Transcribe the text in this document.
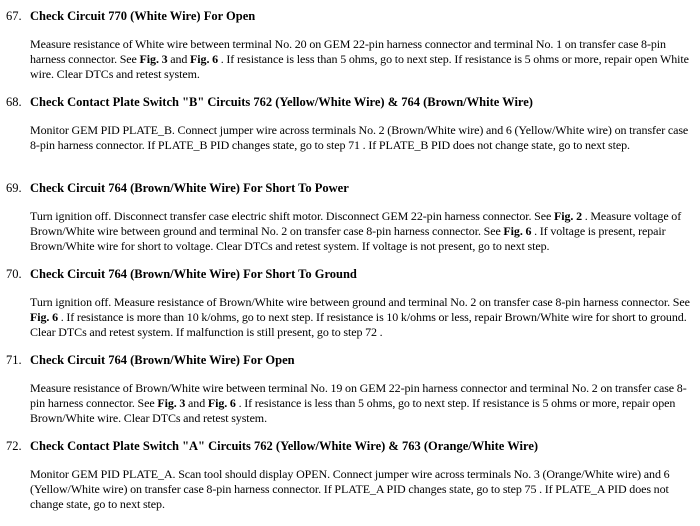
67. Check Circuit 770 (White Wire) For Open
Measure resistance of White wire between terminal No. 20 on GEM 22-pin harness connector and terminal No. 1 on transfer case 8-pin harness connector. See Fig. 3 and Fig. 6 . If resistance is less than 5 ohms, go to next step. If resistance is 5 ohms or more, repair open White wire. Clear DTCs and retest system.
68. Check Contact Plate Switch "B" Circuits 762 (Yellow/White Wire) & 764 (Brown/White Wire)
Monitor GEM PID PLATE_B. Connect jumper wire across terminals No. 2 (Brown/White wire) and 6 (Yellow/White wire) on transfer case 8-pin harness connector. If PLATE_B PID changes state, go to step 71 . If PLATE_B PID does not change state, go to next step.
69. Check Circuit 764 (Brown/White Wire) For Short To Power
Turn ignition off. Disconnect transfer case electric shift motor. Disconnect GEM 22-pin harness connector. See Fig. 2 . Measure voltage of Brown/White wire between ground and terminal No. 2 on transfer case 8-pin harness connector. See Fig. 6 . If voltage is present, repair Brown/White wire for short to voltage. Clear DTCs and retest system. If voltage is not present, go to next step.
70. Check Circuit 764 (Brown/White Wire) For Short To Ground
Turn ignition off. Measure resistance of Brown/White wire between ground and terminal No. 2 on transfer case 8-pin harness connector. See Fig. 6 . If resistance is more than 10 k/ohms, go to next step. If resistance is 10 k/ohms or less, repair Brown/White wire for short to ground. Clear DTCs and retest system. If malfunction is still present, go to step 72 .
71. Check Circuit 764 (Brown/White Wire) For Open
Measure resistance of Brown/White wire between terminal No. 19 on GEM 22-pin harness connector and terminal No. 2 on transfer case 8-pin harness connector. See Fig. 3 and Fig. 6 . If resistance is less than 5 ohms, go to next step. If resistance is 5 ohms or more, repair open Brown/White wire. Clear DTCs and retest system.
72. Check Contact Plate Switch "A" Circuits 762 (Yellow/White Wire) & 763 (Orange/White Wire)
Monitor GEM PID PLATE_A. Scan tool should display OPEN. Connect jumper wire across terminals No. 3 (Orange/White wire) and 6 (Yellow/White wire) on transfer case 8-pin harness connector. If PLATE_A PID changes state, go to step 75 . If PLATE_A PID does not change state, go to next step.
